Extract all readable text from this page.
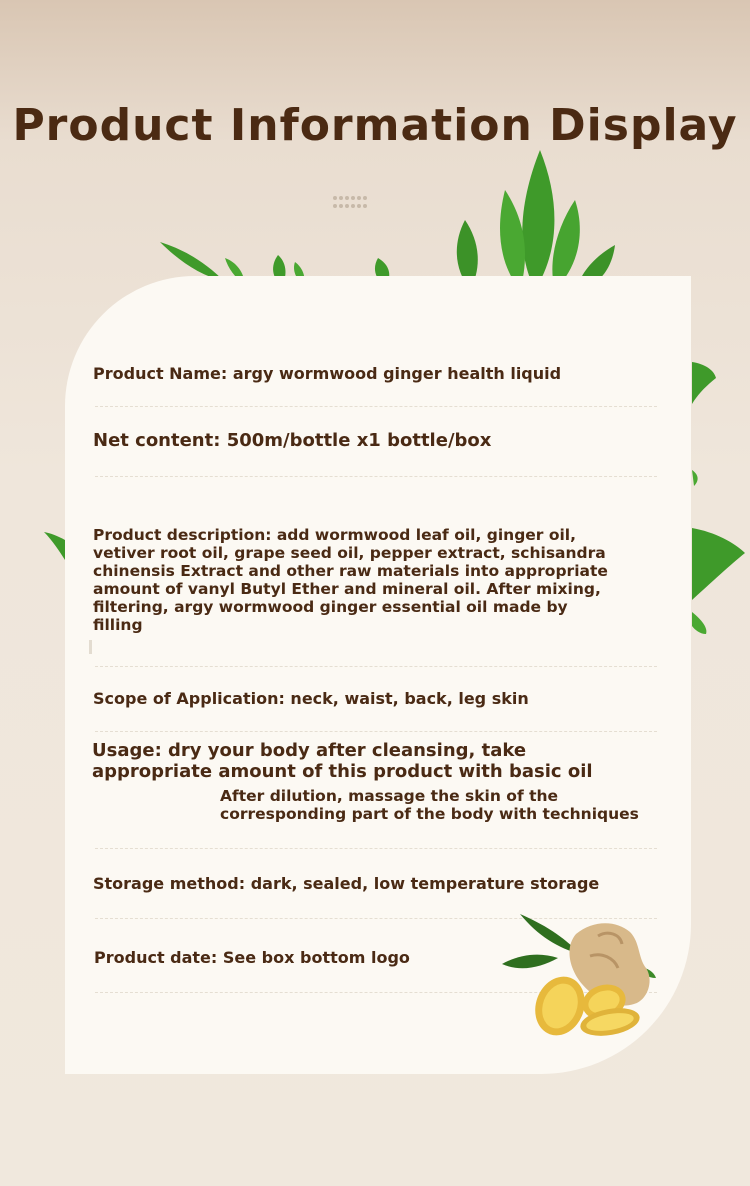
Product Information Display
Product Name: argy wormwood ginger health liquid
Net content: 500m/bottle x1 bottle/box
Product description: add wormwood leaf oil, ginger oil, vetiver root oil, grape seed oil, pepper extract, schisandra chinensis Extract and other raw materials into appropriate amount of vanyl Butyl Ether and mineral oil. After mixing, filtering, argy wormwood ginger essential oil made by filling
Scope of Application: neck, waist, back, leg skin
Usage: dry your body after cleansing, take appropriate amount of this product with basic oil
After dilution, massage the skin of the corresponding part of the body with techniques
Storage method: dark, sealed, low temperature storage
Product date: See box bottom logo
